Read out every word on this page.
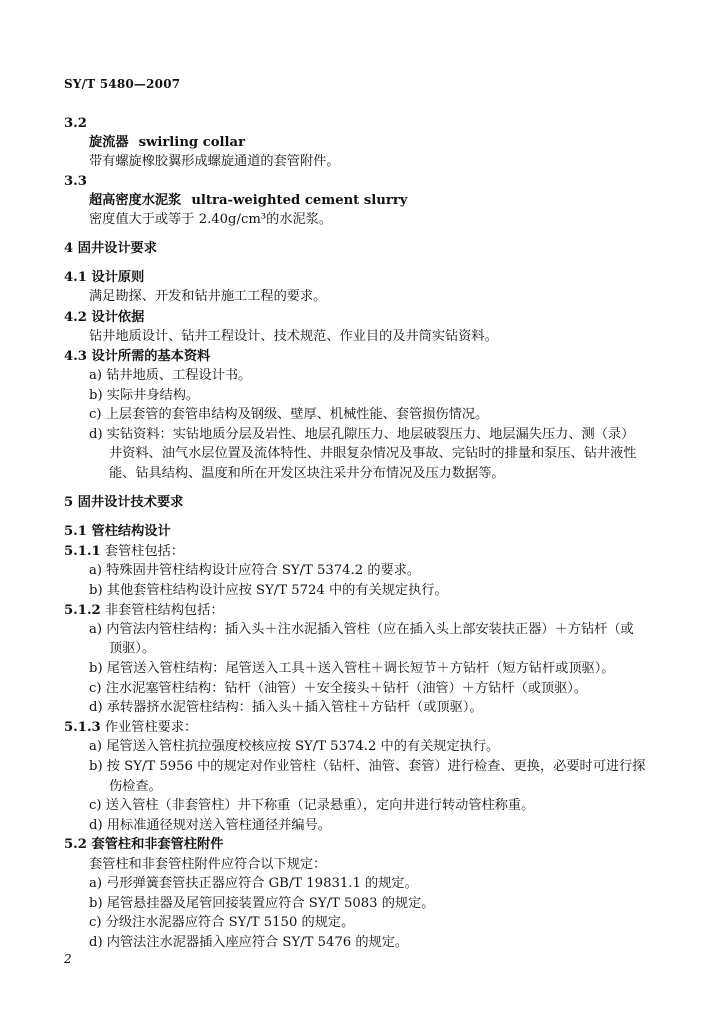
SY/T 5480—2007
3.2
旋流器 swirling collar
带有螺旋橡胶翼形成螺旋通道的套管附件。
3.3
超高密度水泥浆 ultra-weighted cement slurry
密度值大于或等于 2.40g/cm³的水泥浆。
4 固井设计要求
4.1 设计原则
满足勘探、开发和钻井施工工程的要求。
4.2 设计依据
钻井地质设计、钻井工程设计、技术规范、作业目的及井筒实钻资料。
4.3 设计所需的基本资料
a) 钻井地质、工程设计书。
b) 实际井身结构。
c) 上层套管的套管串结构及钢级、壁厚、机械性能、套管损伤情况。
d) 实钻资料：实钻地质分层及岩性、地层孔隙压力、地层破裂压力、地层漏失压力、测（录）
井资料、油气水层位置及流体特性、井眼复杂情况及事故、完钻时的排量和泵压、钻井液性
能、钻具结构、温度和所在开发区块注采井分布情况及压力数据等。
5 固井设计技术要求
5.1 管柱结构设计
5.1.1 套管柱包括：
a) 特殊固井管柱结构设计应符合 SY/T 5374.2 的要求。
b) 其他套管柱结构设计应按 SY/T 5724 中的有关规定执行。
5.1.2 非套管柱结构包括：
a) 内管法内管柱结构：插入头＋注水泥插入管柱（应在插入头上部安装扶正器）＋方钻杆（或
顶驱）。
b) 尾管送入管柱结构：尾管送入工具＋送入管柱＋调长短节＋方钻杆（短方钻杆或顶驱）。
c) 注水泥塞管柱结构：钻杆（油管）＋安全接头＋钻杆（油管）＋方钻杆（或顶驱）。
d) 承转器挤水泥管柱结构：插入头＋插入管柱＋方钻杆（或顶驱）。
5.1.3 作业管柱要求：
a) 尾管送入管柱抗拉强度校核应按 SY/T 5374.2 中的有关规定执行。
b) 按 SY/T 5956 中的规定对作业管柱（钻杆、油管、套管）进行检查、更换，必要时可进行探
伤检查。
c) 送入管柱（非套管柱）井下称重（记录悬重），定向井进行转动管柱称重。
d) 用标准通径规对送入管柱通径并编号。
5.2 套管柱和非套管柱附件
套管柱和非套管柱附件应符合以下规定：
a) 弓形弹簧套管扶正器应符合 GB/T 19831.1 的规定。
b) 尾管悬挂器及尾管回接装置应符合 SY/T 5083 的规定。
c) 分级注水泥器应符合 SY/T 5150 的规定。
d) 内管法注水泥器插入座应符合 SY/T 5476 的规定。
2
